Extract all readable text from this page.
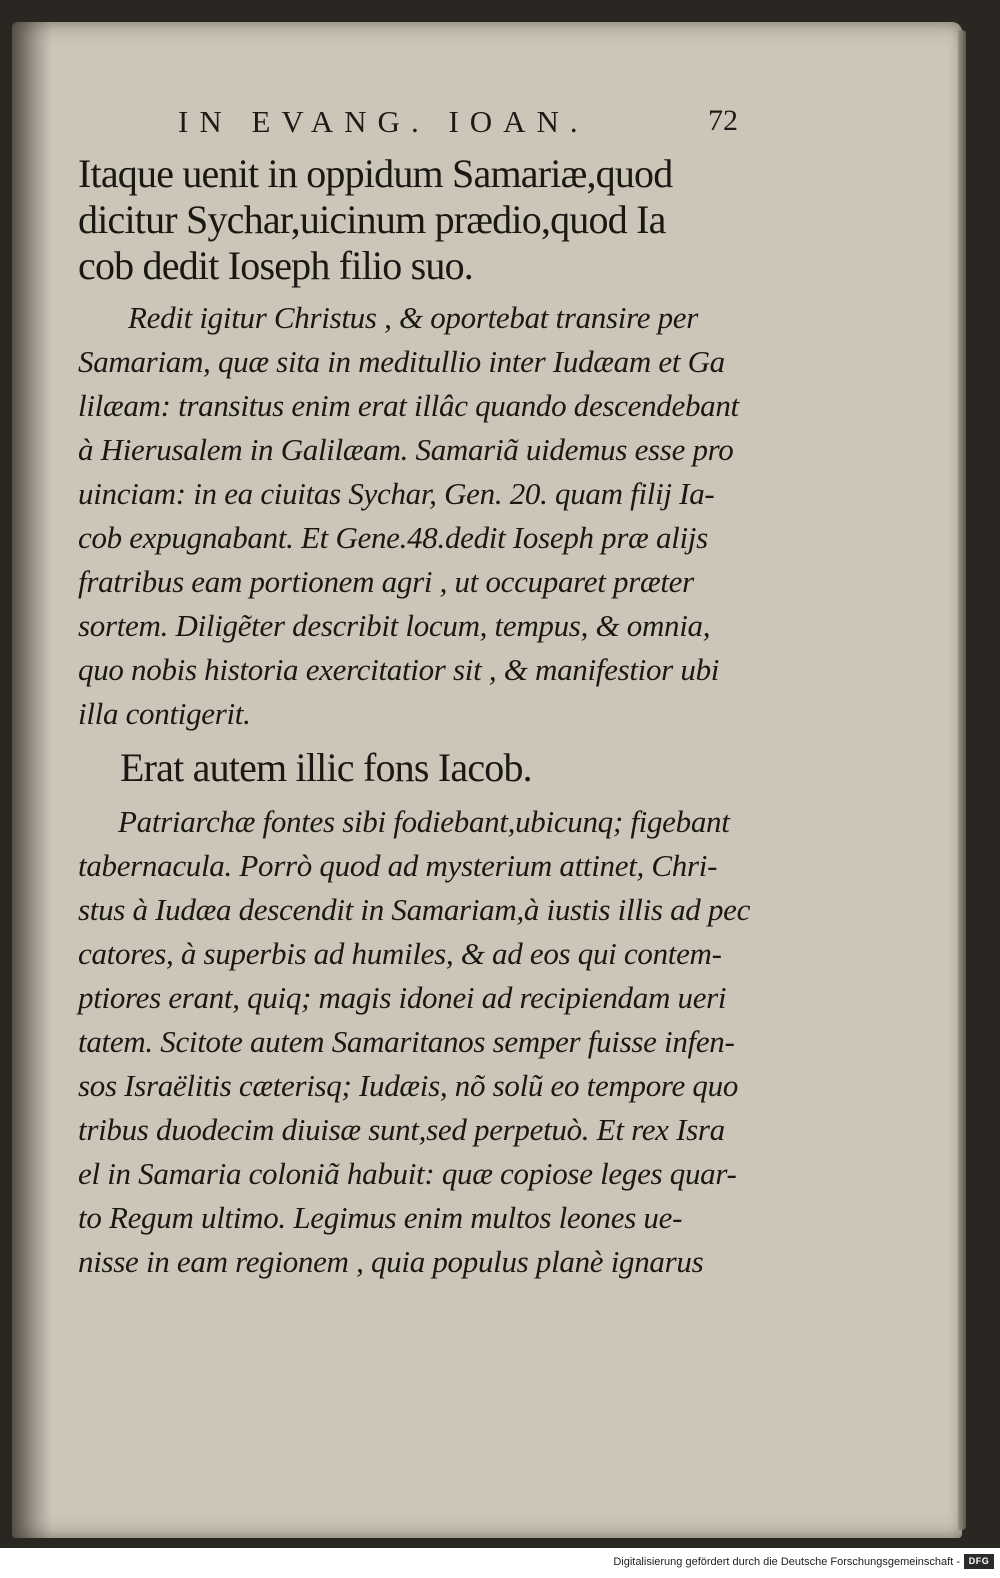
IN EVANG. IOAN.	72
Itaque uenit in oppidum Samariæ,quod
dicitur Sychar,uicinum prædio,quod Ia
cob dedit Ioseph filio suo.
Redit igitur Christus , & oportebat transire per
Samariam, quæ sita in meditullio inter Iudæam et Ga
lilæam: transitus enim erat illâc quando descendebant
à Hierusalem in Galilæam. Samariã uidemus esse pro
uinciam: in ea ciuitas Sychar, Gen. 20. quam filij Ia-
cob expugnabant. Et Gene.48.dedit Ioseph præ alijs
fratribus eam portionem agri , ut occuparet præter
sortem. Diligẽter describit locum, tempus, & omnia,
quo nobis historia exercitatior sit , & manifestior ubi
illa contigerit.
Erat autem illic fons Iacob.
Patriarchæ fontes sibi fodiebant,ubicunq; figebant
tabernacula. Porrò quod ad mysterium attinet, Chri-
stus à Iudæa descendit in Samariam,à iustis illis ad pec
catores, à superbis ad humiles, & ad eos qui contem-
ptiores erant, quiq; magis idonei ad recipiendam ueri
tatem. Scitote autem Samaritanos semper fuisse infen-
sos Israëlitis cæterisq; Iudæis, nõ solũ eo tempore quo
tribus duodecim diuisæ sunt,sed perpetuò. Et rex Isra
el in Samaria coloniã habuit: quæ copiose leges quar-
to Regum ultimo. Legimus enim multos leones ue-
nisse in eam regionem , quia populus planè ignarus
Digitalisierung gefördert durch die Deutsche Forschungsgemeinschaft - DFG
